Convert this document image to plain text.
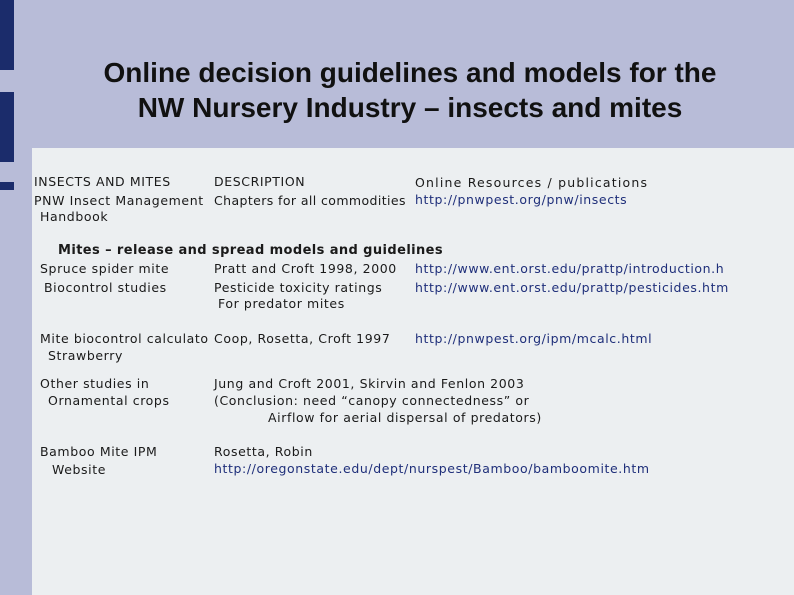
Online decision guidelines and models for the
NW Nursery Industry – insects and mites
INSECTS AND MITES	DESCRIPTION	Online Resources / publications
PNW Insect Management
Handbook
Chapters for all commodities http://pnwpest.org/pnw/insects
Mites – release and spread models and guidelines
Spruce spider mite
Biocontrol studies
Pratt and Croft 1998, 2000
Pesticide toxicity ratings
For predator mites
http://www.ent.orst.edu/prattp/introduction.h
http://www.ent.orst.edu/prattp/pesticides.htm
Mite biocontrol calculato
Strawberry
Coop, Rosetta, Croft 1997 http://pnwpest.org/ipm/mcalc.html
Other studies in
Ornamental crops
Jung and Croft 2001, Skirvin and Fenlon 2003
(Conclusion: need “canopy connectedness” or
Airflow for aerial dispersal of predators)
Bamboo Mite IPM
Website
Rosetta, Robin
http://oregonstate.edu/dept/nurspest/Bamboo/bamboomite.htm
